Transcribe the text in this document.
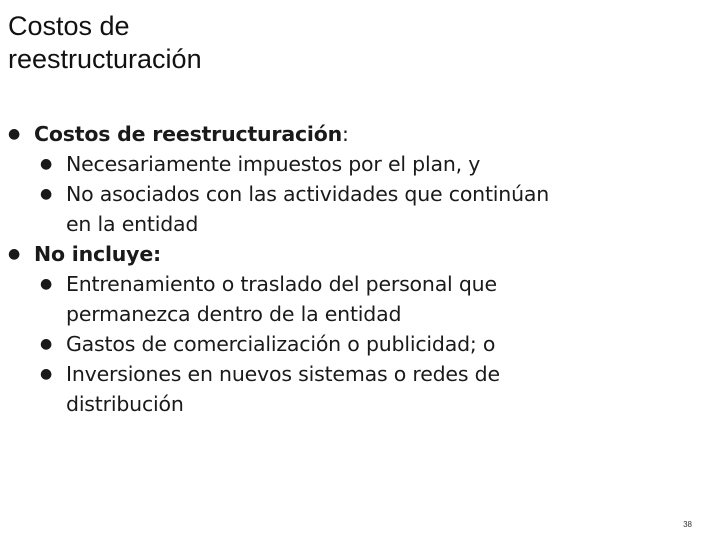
Costos de
reestructuración
● Costos de reestructuración:
● Necesariamente impuestos por el plan, y
● No asociados con las actividades que continúan
en la entidad
● No incluye:
● Entrenamiento o traslado del personal que
permanezca dentro de la entidad
● Gastos de comercialización o publicidad; o
● Inversiones en nuevos sistemas o redes de
distribución
38
